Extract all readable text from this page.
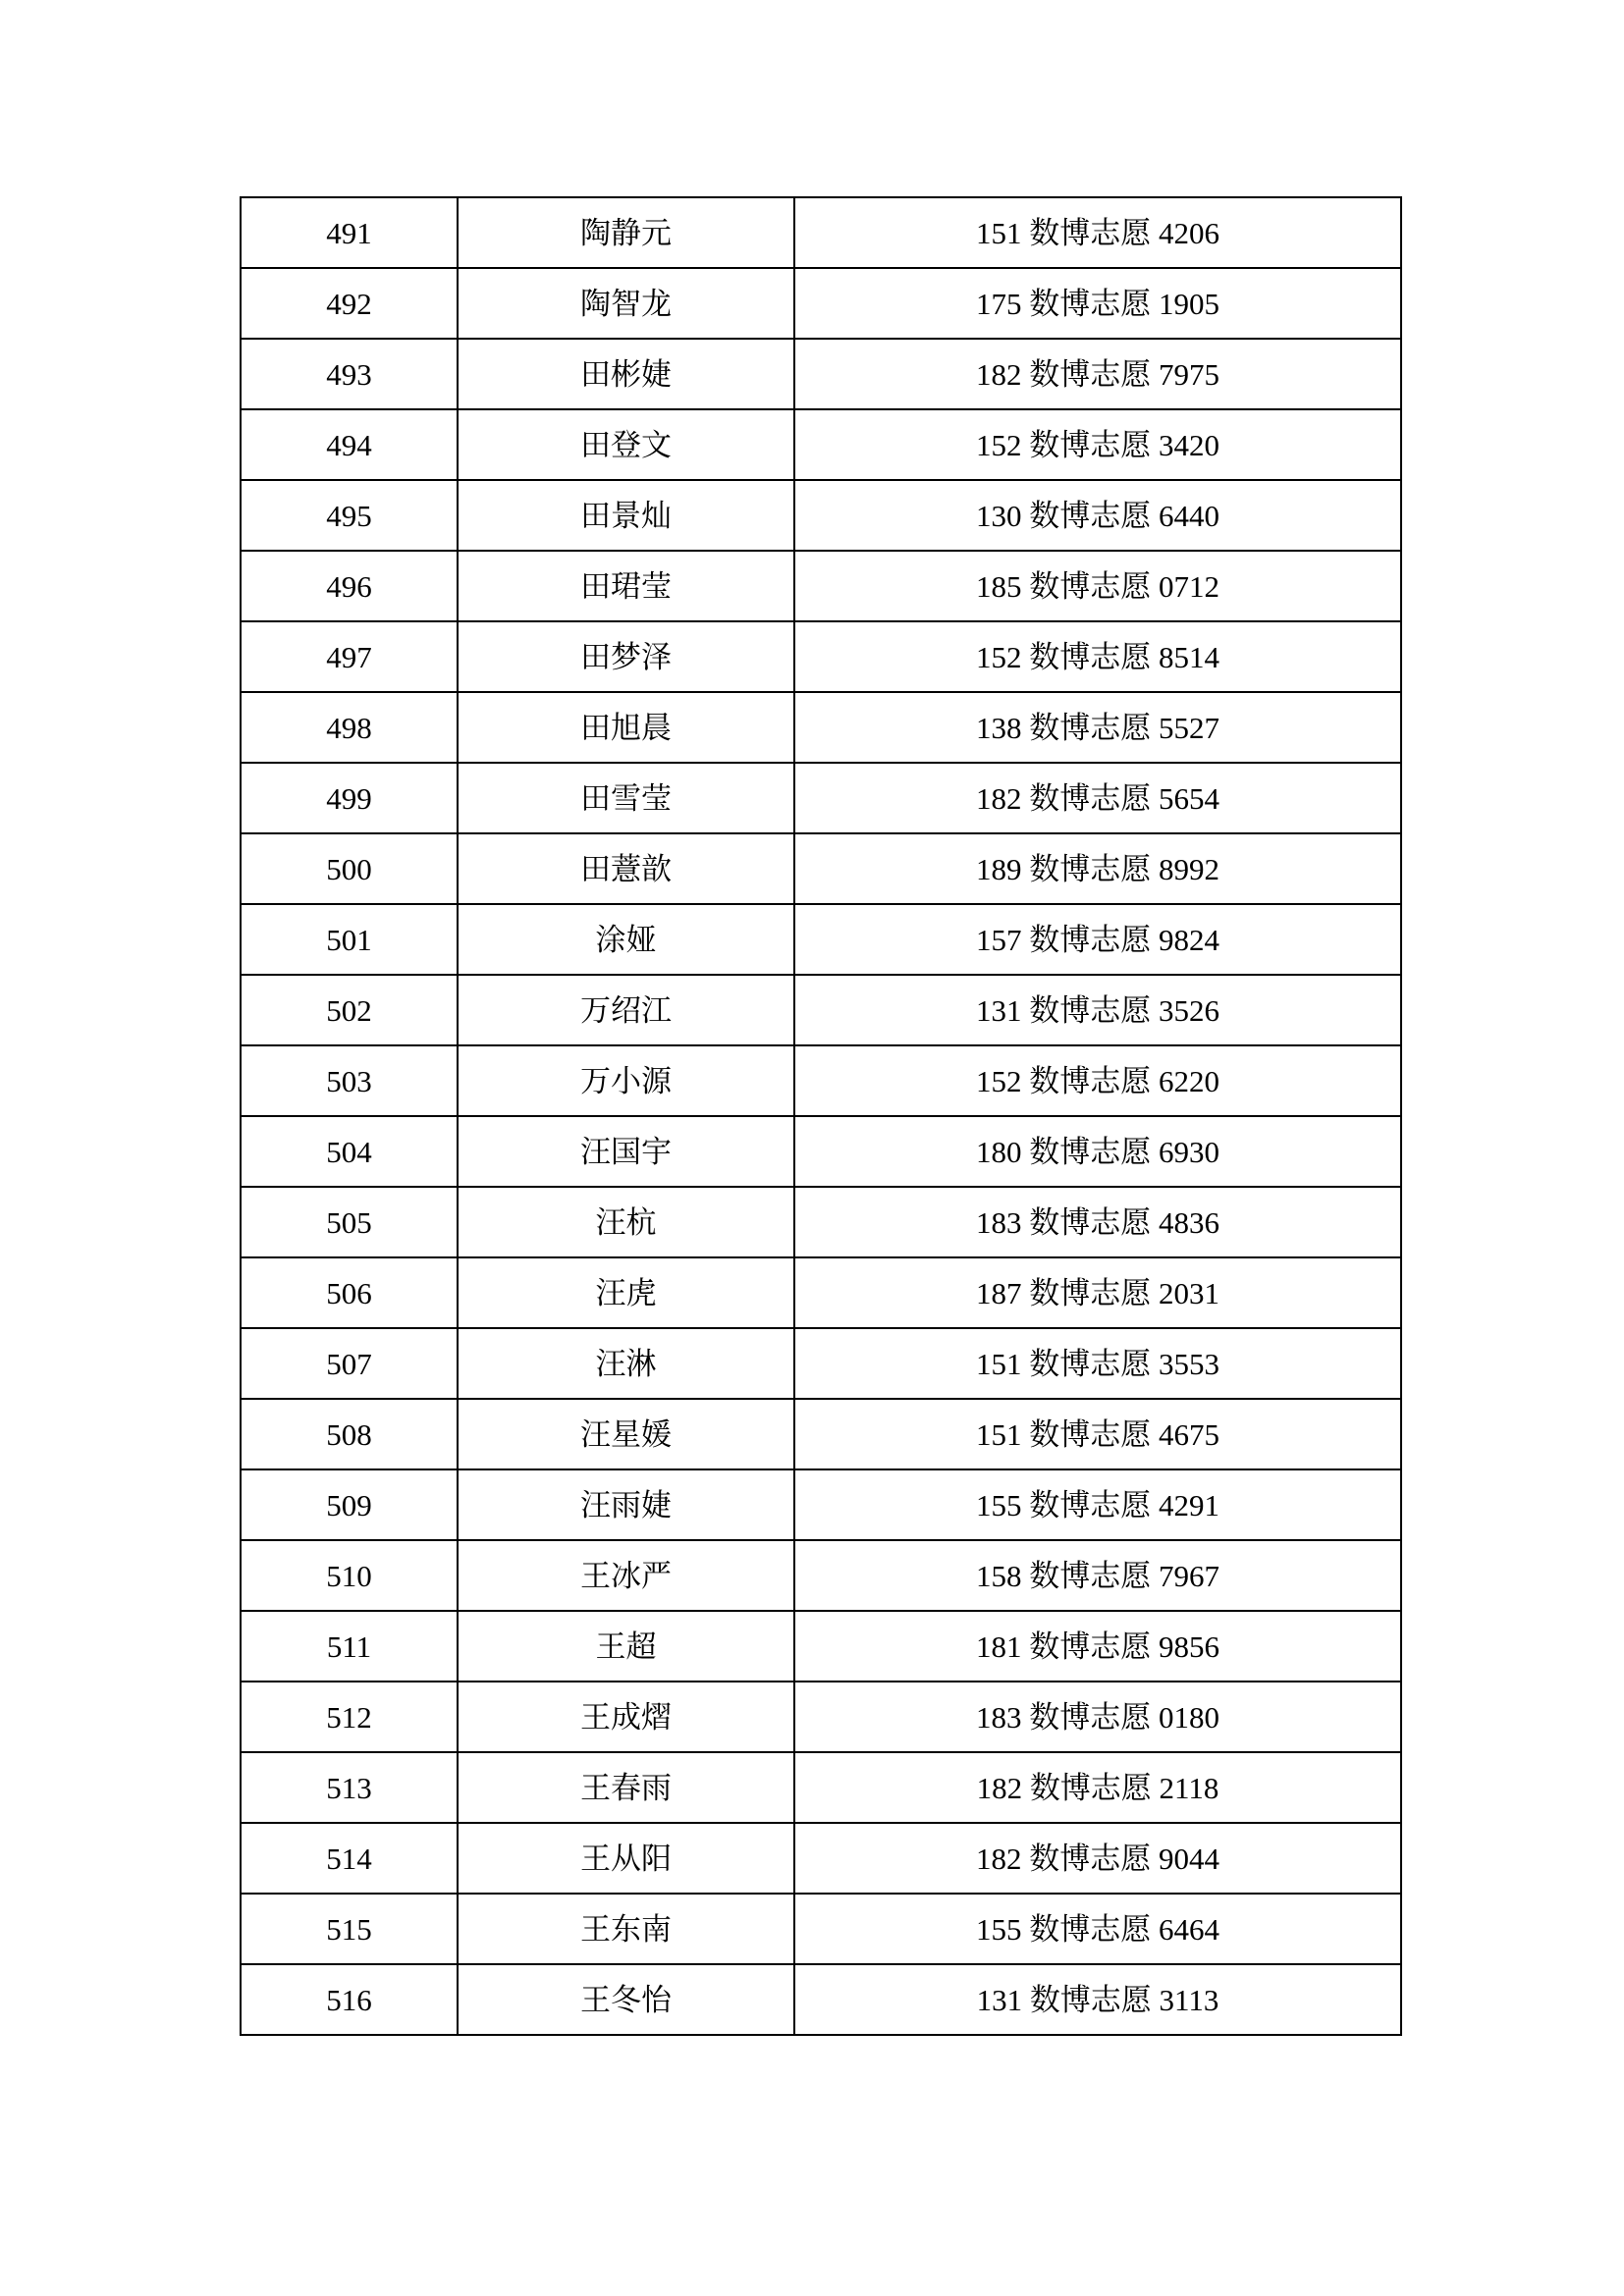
491	陶静元	151 数博志愿 4206
492	陶智龙	175 数博志愿 1905
493	田彬婕	182 数博志愿 7975
494	田登文	152 数博志愿 3420
495	田景灿	130 数博志愿 6440
496	田珺莹	185 数博志愿 0712
497	田梦泽	152 数博志愿 8514
498	田旭晨	138 数博志愿 5527
499	田雪莹	182 数博志愿 5654
500	田薏歆	189 数博志愿 8992
501	涂娅	157 数博志愿 9824
502	万绍江	131 数博志愿 3526
503	万小源	152 数博志愿 6220
504	汪国宇	180 数博志愿 6930
505	汪杭	183 数博志愿 4836
506	汪虎	187 数博志愿 2031
507	汪淋	151 数博志愿 3553
508	汪星媛	151 数博志愿 4675
509	汪雨婕	155 数博志愿 4291
510	王冰严	158 数博志愿 7967
511	王超	181 数博志愿 9856
512	王成熠	183 数博志愿 0180
513	王春雨	182 数博志愿 2118
514	王从阳	182 数博志愿 9044
515	王东南	155 数博志愿 6464
516	王冬怡	131 数博志愿 3113
